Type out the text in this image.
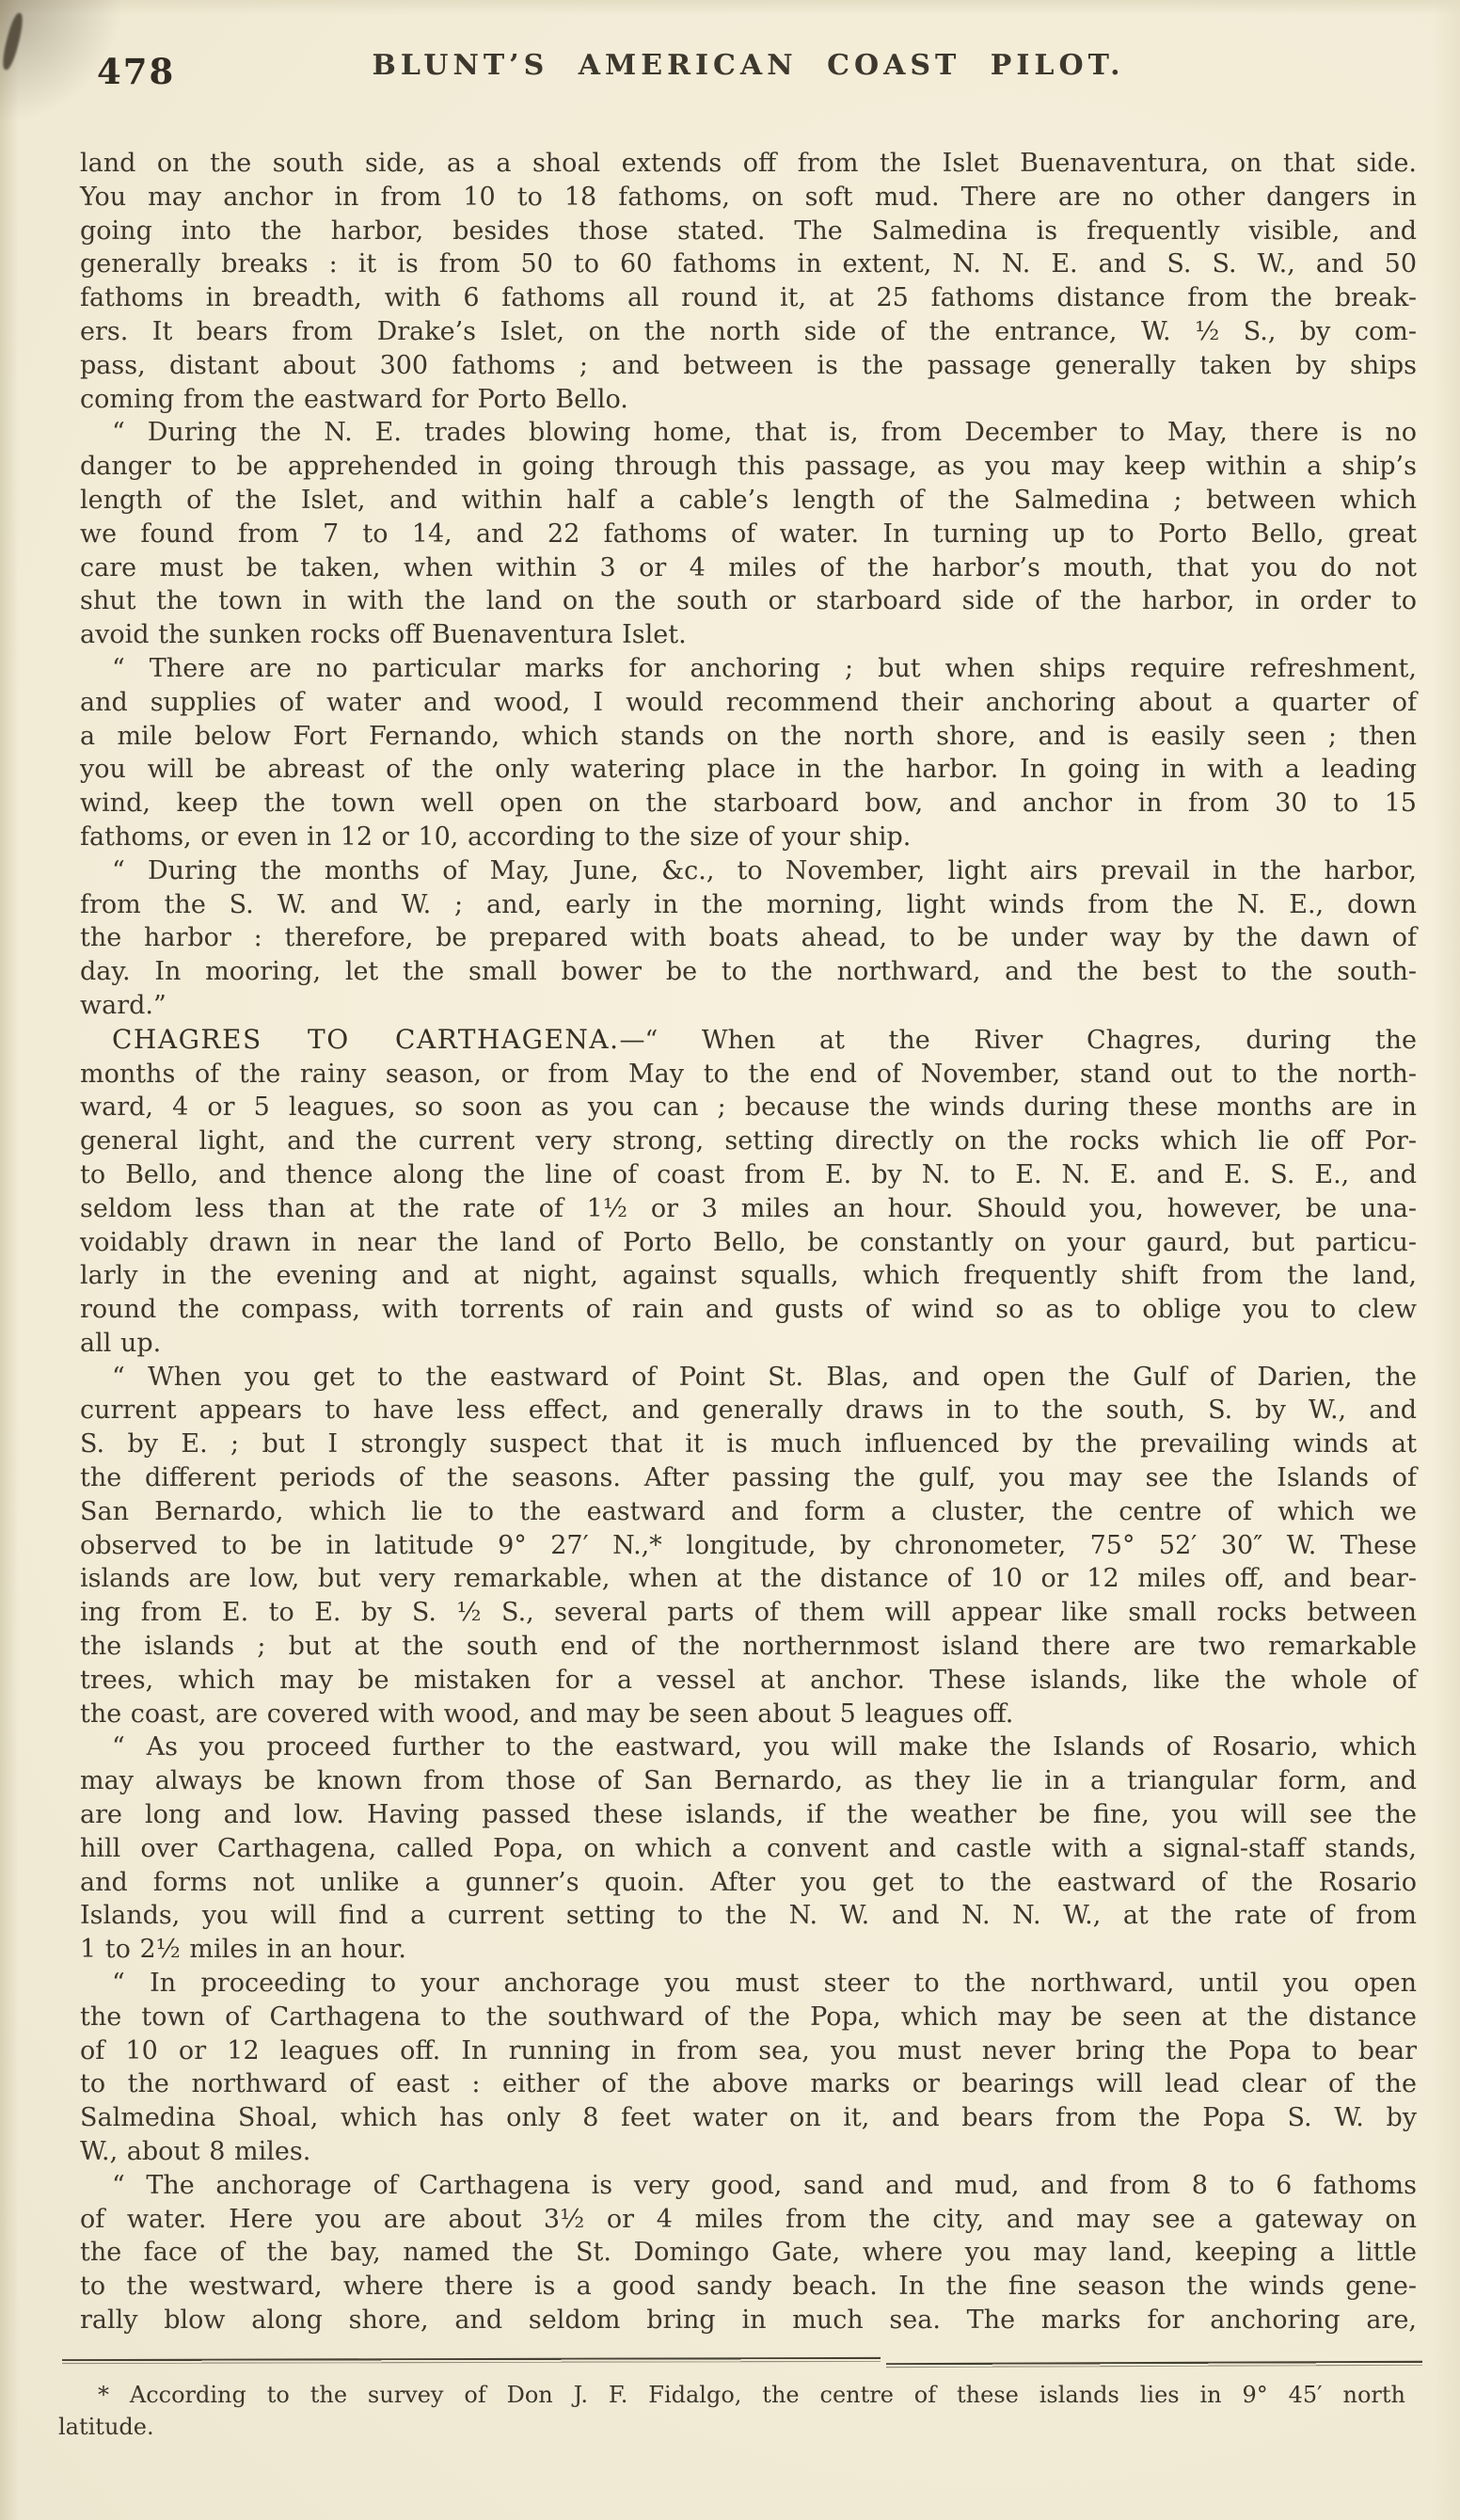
478	BLUNT’S AMERICAN COAST PILOT.

land on the south side, as a shoal extends off from the Islet Buenaventura, on that side.
You may anchor in from 10 to 18 fathoms, on soft mud. There are no other dangers in
going into the harbor, besides those stated. The Salmedina is frequently visible, and
generally breaks : it is from 50 to 60 fathoms in extent, N. N. E. and S. S. W., and 50
fathoms in breadth, with 6 fathoms all round it, at 25 fathoms distance from the break-
ers. It bears from Drake’s Islet, on the north side of the entrance, W. ½ S., by com-
pass, distant about 300 fathoms ; and between is the passage generally taken by ships
coming from the eastward for Porto Bello.

“ During the N. E. trades blowing home, that is, from December to May, there is no
danger to be apprehended in going through this passage, as you may keep within a ship’s
length of the Islet, and within half a cable’s length of the Salmedina ; between which
we found from 7 to 14, and 22 fathoms of water. In turning up to Porto Bello, great
care must be taken, when within 3 or 4 miles of the harbor’s mouth, that you do not
shut the town in with the land on the south or starboard side of the harbor, in order to
avoid the sunken rocks off Buenaventura Islet.

“ There are no particular marks for anchoring ; but when ships require refreshment,
and supplies of water and wood, I would recommend their anchoring about a quarter of
a mile below Fort Fernando, which stands on the north shore, and is easily seen ; then
you will be abreast of the only watering place in the harbor. In going in with a leading
wind, keep the town well open on the starboard bow, and anchor in from 30 to 15
fathoms, or even in 12 or 10, according to the size of your ship.

“ During the months of May, June, &c., to November, light airs prevail in the harbor,
from the S. W. and W. ; and, early in the morning, light winds from the N. E., down
the harbor : therefore, be prepared with boats ahead, to be under way by the dawn of
day. In mooring, let the small bower be to the northward, and the best to the south-
ward.”

CHAGRES TO CARTHAGENA.—“ When at the River Chagres, during the
months of the rainy season, or from May to the end of November, stand out to the north-
ward, 4 or 5 leagues, so soon as you can ; because the winds during these months are in
general light, and the current very strong, setting directly on the rocks which lie off Por-
to Bello, and thence along the line of coast from E. by N. to E. N. E. and E. S. E., and
seldom less than at the rate of 1½ or 3 miles an hour. Should you, however, be una-
voidably drawn in near the land of Porto Bello, be constantly on your gaurd, but particu-
larly in the evening and at night, against squalls, which frequently shift from the land,
round the compass, with torrents of rain and gusts of wind so as to oblige you to clew
all up.

“ When you get to the eastward of Point St. Blas, and open the Gulf of Darien, the
current appears to have less effect, and generally draws in to the south, S. by W., and
S. by E. ; but I strongly suspect that it is much influenced by the prevailing winds at
the different periods of the seasons. After passing the gulf, you may see the Islands of
San Bernardo, which lie to the eastward and form a cluster, the centre of which we
observed to be in latitude 9° 27′ N.,* longitude, by chronometer, 75° 52′ 30″ W. These
islands are low, but very remarkable, when at the distance of 10 or 12 miles off, and bear-
ing from E. to E. by S. ½ S., several parts of them will appear like small rocks between
the islands ; but at the south end of the northernmost island there are two remarkable
trees, which may be mistaken for a vessel at anchor. These islands, like the whole of
the coast, are covered with wood, and may be seen about 5 leagues off.

“ As you proceed further to the eastward, you will make the Islands of Rosario, which
may always be known from those of San Bernardo, as they lie in a triangular form, and
are long and low. Having passed these islands, if the weather be fine, you will see the
hill over Carthagena, called Popa, on which a convent and castle with a signal-staff stands,
and forms not unlike a gunner’s quoin. After you get to the eastward of the Rosario
Islands, you will find a current setting to the N. W. and N. N. W., at the rate of from
1 to 2½ miles in an hour.

“ In proceeding to your anchorage you must steer to the northward, until you open
the town of Carthagena to the southward of the Popa, which may be seen at the distance
of 10 or 12 leagues off. In running in from sea, you must never bring the Popa to bear
to the northward of east : either of the above marks or bearings will lead clear of the
Salmedina Shoal, which has only 8 feet water on it, and bears from the Popa S. W. by
W., about 8 miles.

“ The anchorage of Carthagena is very good, sand and mud, and from 8 to 6 fathoms
of water. Here you are about 3½ or 4 miles from the city, and may see a gateway on
the face of the bay, named the St. Domingo Gate, where you may land, keeping a little
to the westward, where there is a good sandy beach. In the fine season the winds gene-
rally blow along shore, and seldom bring in much sea. The marks for anchoring are,

* According to the survey of Don J. F. Fidalgo, the centre of these islands lies in 9° 45′ north
latitude.
